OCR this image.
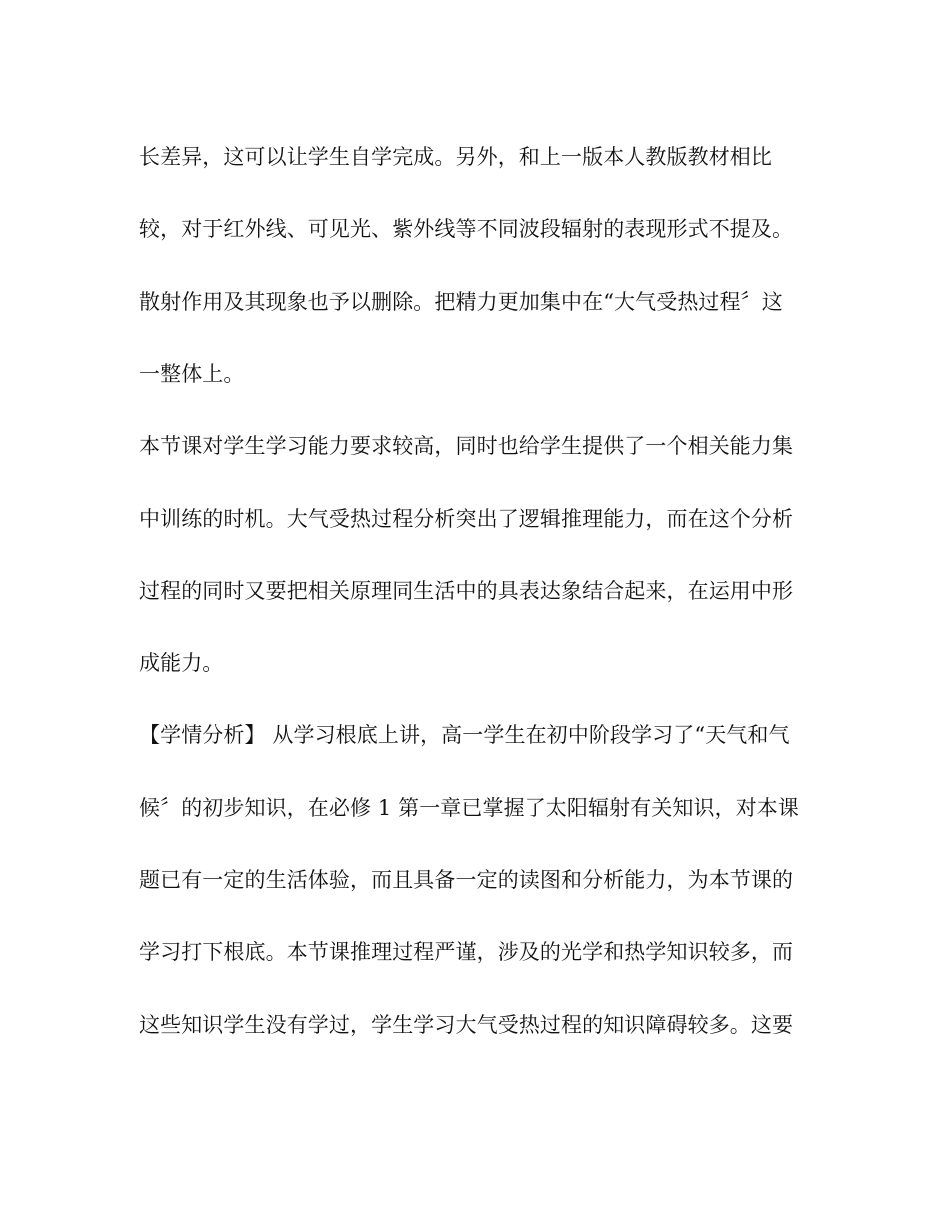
长差异，这可以让学生自学完成。另外，和上一版本人教版教材相比
较，对于红外线、可见光、紫外线等不同波段辐射的表现形式不提及。
散射作用及其现象也予以删除。把精力更加集中在“大气受热过程〞这
一整体上。
本节课对学生学习能力要求较高，同时也给学生提供了一个相关能力集
中训练的时机。大气受热过程分析突出了逻辑推理能力，而在这个分析
过程的同时又要把相关原理同生活中的具表达象结合起来，在运用中形
成能力。
【学情分析】 从学习根底上讲，高一学生在初中阶段学习了“天气和气
候〞的初步知识，在必修 1 第一章已掌握了太阳辐射有关知识，对本课
题已有一定的生活体验，而且具备一定的读图和分析能力，为本节课的
学习打下根底。本节课推理过程严谨，涉及的光学和热学知识较多，而
这些知识学生没有学过，学生学习大气受热过程的知识障碍较多。这要
